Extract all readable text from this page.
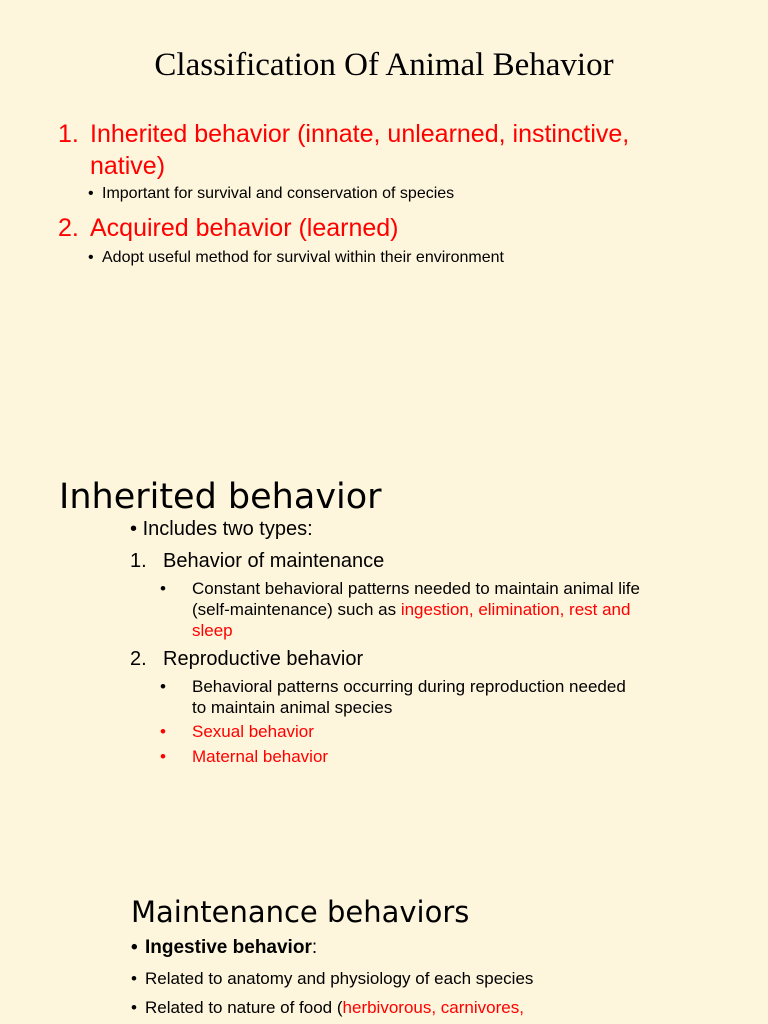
Classification Of Animal Behavior
1. Inherited behavior (innate, unlearned, instinctive, native)
• Important for survival and conservation of species
2. Acquired behavior (learned)
• Adopt useful method for survival within their environment
Inherited behavior
• Includes two types:
1. Behavior of maintenance
• Constant behavioral patterns needed to maintain animal life (self-maintenance) such as ingestion, elimination, rest and sleep
2. Reproductive behavior
• Behavioral patterns occurring during reproduction needed to maintain animal species
• Sexual behavior
• Maternal behavior
Maintenance behaviors
• Ingestive behavior:
• Related to anatomy and physiology of each species
• Related to nature of food (herbivorous, carnivores,
